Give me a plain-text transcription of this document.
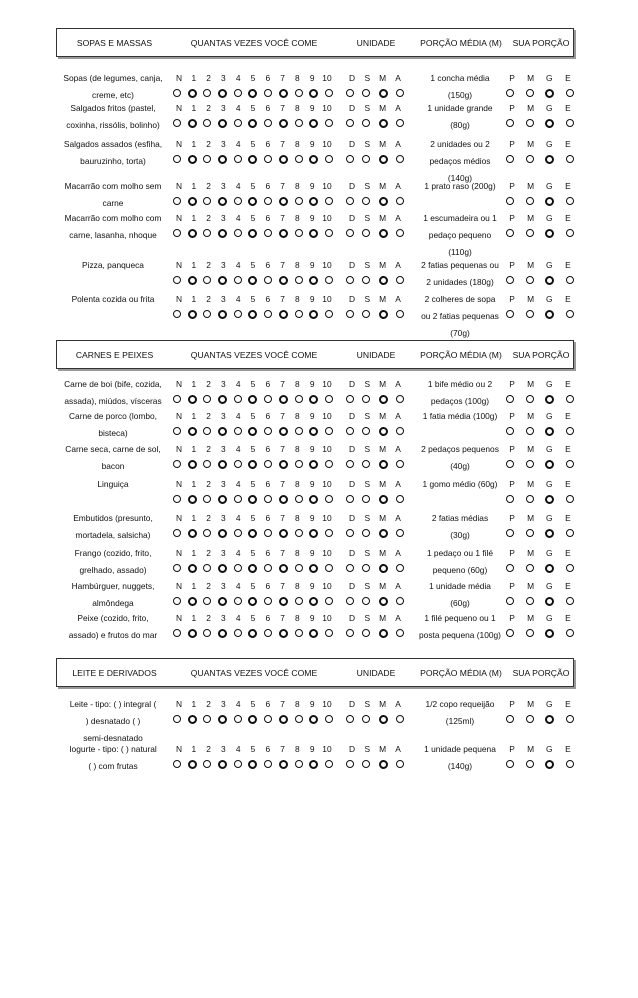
SOPAS E MASSAS	QUANTAS VEZES VOCÊ COME	UNIDADE	PORÇÃO MÉDIA (M)	SUA PORÇÃO
Sopas (de legumes, canja,
creme, etc)
N	1	2	3	4	5	6	7	8	9 10	D	S	M	A	1 concha média
(150g)
P	M	G	E
Salgados fritos (pastel,
coxinha, rissólis, bolinho)
N	1	2	3	4	5	6	7	8	9 10	D	S	M	A	1 unidade grande
(80g)
P	M	G	E
Salgados assados (esfiha,
bauruzinho, torta)
N	1	2	3	4	5	6	7	8	9 10	D	S	M	A	2 unidades ou 2
pedaços médios
(140g)
P	M	G	E
Macarrão com molho sem carne
N	1	2	3	4	5	6	7	8	9 10	D	S	M	A	1 prato raso (200g)	P	M	G	E
Macarrão com molho com
carne, lasanha, nhoque
N	1	2	3	4	5	6	7	8	9 10	D	S	M	A	1 escumadeira ou 1
pedaço pequeno
(110g)
P	M	G	E
Pizza, panqueca	N	1	2	3	4	5	6	7	8	9 10	D	S	M	A	2 fatias pequenas ou
2 unidades (180g)
P	M	G	E
Polenta cozida ou frita	N	1	2	3	4	5	6	7	8	9 10	D	S	M	A	2 colheres de sopa
ou 2 fatias pequenas
(70g)
P	M	G	E
CARNES E PEIXES	QUANTAS VEZES VOCÊ COME	UNIDADE	PORÇÃO MÉDIA (M)	SUA PORÇÃO
Carne de boi (bife, cozida,
assada), miúdos, vísceras
N	1	2	3	4	5	6	7	8	9 10	D	S	M	A	1 bife médio ou 2
pedaços (100g)
P	M	G	E
Carne de porco (lombo,
bisteca)
N	1	2	3	4	5	6	7	8	9 10	D	S	M	A	1 fatia média (100g)	P	M	G	E
Carne seca, carne de sol,
bacon
N	1	2	3	4	5	6	7	8	9 10	D	S	M	A	2 pedaços pequenos
(40g)
P	M	G	E
Linguiça	N	1	2	3	4	5	6	7	8	9 10	D	S	M	A	1 gomo médio (60g)	P	M	G	E
Embutidos (presunto,
mortadela, salsicha)
N	1	2	3	4	5	6	7	8	9 10	D	S	M	A	2 fatias médias
(30g)
P	M	G	E
Frango (cozido, frito,
grelhado, assado)
N	1	2	3	4	5	6	7	8	9 10	D	S	M	A	1 pedaço ou 1 filé
pequeno (60g)
P	M	G	E
Hambúrguer, nuggets,
almôndega
N	1	2	3	4	5	6	7	8	9 10	D	S	M	A	1 unidade média
(60g)
P	M	G	E
Peixe (cozido, frito,
assado) e frutos do mar
N	1	2	3	4	5	6	7	8	9 10	D	S	M	A	1 filé pequeno ou 1
posta pequena (100g)
P	M	G	E
LEITE E DERIVADOS	QUANTAS VEZES VOCÊ COME	UNIDADE	PORÇÃO MÉDIA (M)	SUA PORÇÃO
Leite - tipo: ( ) integral (
) desnatado ( )
semi-desnatado
N	1	2	3	4	5	6	7	8	9 10	D	S	M	A	1/2 copo requeijão
(125ml)
P	M	G	E
Iogurte - tipo: ( ) natural
( ) com frutas
N	1	2	3	4	5	6	7	8	9 10	D	S	M	A	1 unidade pequena
(140g)
P	M	G	E
